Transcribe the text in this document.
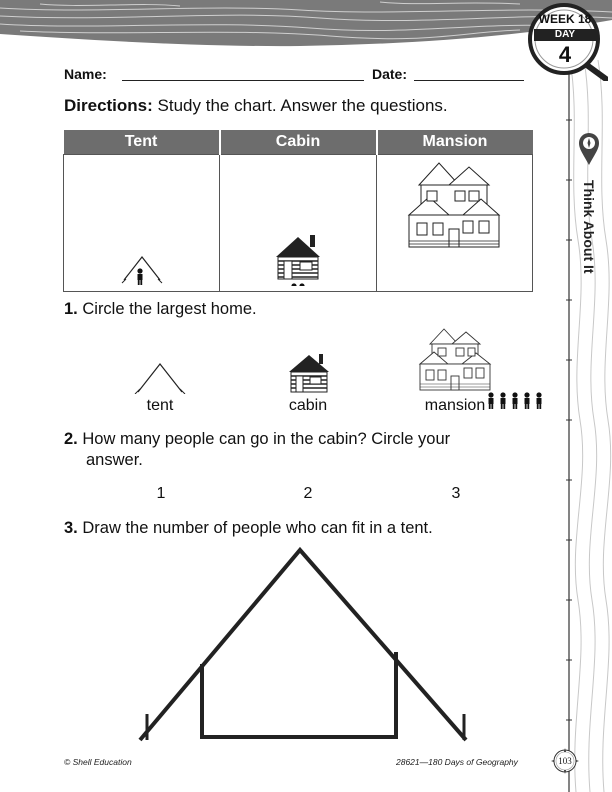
WEEK 18
DAY
4
Think About It
Name:	Date:
Directions: Study the chart. Answer the questions.
Tent	Cabin	Mansion

1. Circle the largest home.
tent	cabin	mansion
2. How many people can go in the cabin? Circle your
answer.
1	2	3
3. Draw the number of people who can fit in a tent.
© Shell Education	28621—180 Days of Geography	103
